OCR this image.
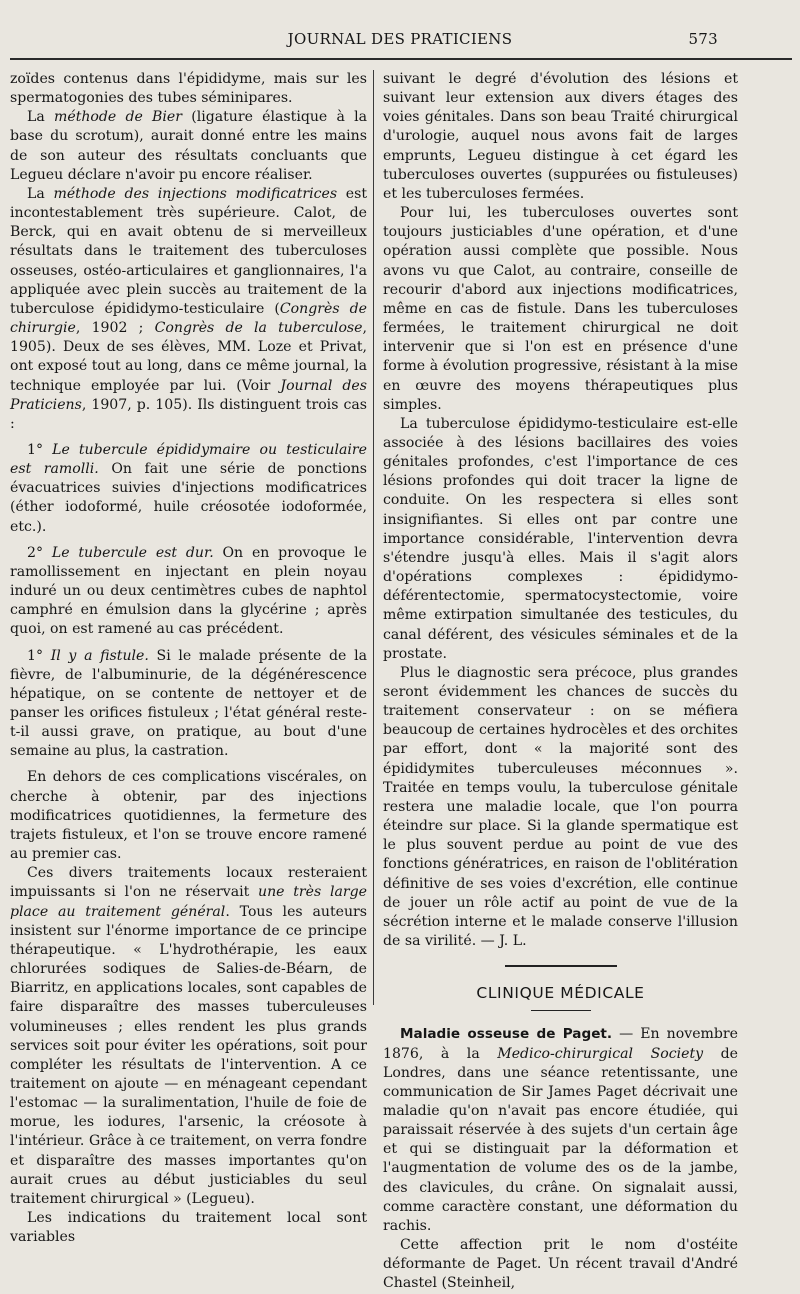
JOURNAL DES PRATICIENS	573

zoïdes contenus dans l'épididyme, mais sur les spermatogonies des tubes séminipares.

La méthode de Bier (ligature élastique à la base du scrotum), aurait donné entre les mains de son auteur des résultats concluants que Legueu déclare n'avoir pu encore réaliser.

La méthode des injections modificatrices est incontestablement très supérieure. Calot, de Berck, qui en avait obtenu de si merveilleux résultats dans le traitement des tuberculoses osseuses, ostéo-articulaires et ganglionnaires, l'a appliquée avec plein succès au traitement de la tuberculose épididymo-testiculaire (Congrès de chirurgie, 1902 ; Congrès de la tuberculose, 1905). Deux de ses élèves, MM. Loze et Privat, ont exposé tout au long, dans ce même journal, la technique employée par lui. (Voir Journal des Praticiens, 1907, p. 105). Ils distinguent trois cas :

1° Le tubercule épididymaire ou testiculaire est ramolli. On fait une série de ponctions évacuatrices suivies d'injections modificatrices (éther iodoformé, huile créosotée iodoformée, etc.).

2° Le tubercule est dur. On en provoque le ramollissement en injectant en plein noyau induré un ou deux centimètres cubes de naphtol camphré en émulsion dans la glycérine ; après quoi, on est ramené au cas précédent.

1° Il y a fistule. Si le malade présente de la fièvre, de l'albuminurie, de la dégénérescence hépatique, on se contente de nettoyer et de panser les orifices fistuleux ; l'état général reste-t-il aussi grave, on pratique, au bout d'une semaine au plus, la castration.

En dehors de ces complications viscérales, on cherche à obtenir, par des injections modificatrices quotidiennes, la fermeture des trajets fistuleux, et l'on se trouve encore ramené au premier cas.

Ces divers traitements locaux resteraient impuissants si l'on ne réservait une très large place au traitement général. Tous les auteurs insistent sur l'énorme importance de ce principe thérapeutique. « L'hydrothérapie, les eaux chlorurées sodiques de Salies-de-Béarn, de Biarritz, en applications locales, sont capables de faire disparaître des masses tuberculeuses volumineuses ; elles rendent les plus grands services soit pour éviter les opérations, soit pour compléter les résultats de l'intervention. A ce traitement on ajoute — en ménageant cependant l'estomac — la suralimentation, l'huile de foie de morue, les iodures, l'arsenic, la créosote à l'intérieur. Grâce à ce traitement, on verra fondre et disparaître des masses importantes qu'on aurait crues au début justiciables du seul traitement chirurgical » (Legueu).

Les indications du traitement local sont variables

suivant le degré d'évolution des lésions et suivant leur extension aux divers étages des voies génitales. Dans son beau Traité chirurgical d'urologie, auquel nous avons fait de larges emprunts, Legueu distingue à cet égard les tuberculoses ouvertes (suppurées ou fistuleuses) et les tuberculoses fermées.

Pour lui, les tuberculoses ouvertes sont toujours justiciables d'une opération, et d'une opération aussi complète que possible. Nous avons vu que Calot, au contraire, conseille de recourir d'abord aux injections modificatrices, même en cas de fistule. Dans les tuberculoses fermées, le traitement chirurgical ne doit intervenir que si l'on est en présence d'une forme à évolution progressive, résistant à la mise en œuvre des moyens thérapeutiques plus simples.

La tuberculose épididymo-testiculaire est-elle associée à des lésions bacillaires des voies génitales profondes, c'est l'importance de ces lésions profondes qui doit tracer la ligne de conduite. On les respectera si elles sont insignifiantes. Si elles ont par contre une importance considérable, l'intervention devra s'étendre jusqu'à elles. Mais il s'agit alors d'opérations complexes : épididymo-déférentectomie, spermatocystectomie, voire même extirpation simultanée des testicules, du canal déférent, des vésicules séminales et de la prostate.

Plus le diagnostic sera précoce, plus grandes seront évidemment les chances de succès du traitement conservateur : on se méfiera beaucoup de certaines hydrocèles et des orchites par effort, dont « la majorité sont des épididymites tuberculeuses méconnues ». Traitée en temps voulu, la tuberculose génitale restera une maladie locale, que l'on pourra éteindre sur place. Si la glande spermatique est le plus souvent perdue au point de vue des fonctions génératrices, en raison de l'oblitération définitive de ses voies d'excrétion, elle continue de jouer un rôle actif au point de vue de la sécrétion interne et le malade conserve l'illusion de sa virilité. — J. L.

CLINIQUE MÉDICALE

Maladie osseuse de Paget. — En novembre 1876, à la Medico-chirurgical Society de Londres, dans une séance retentissante, une communication de Sir James Paget décrivait une maladie qu'on n'avait pas encore étudiée, qui paraissait réservée à des sujets d'un certain âge et qui se distinguait par la déformation et l'augmentation de volume des os de la jambe, des clavicules, du crâne. On signalait aussi, comme caractère constant, une déformation du rachis.

Cette affection prit le nom d'ostéite déformante de Paget. Un récent travail d'André Chastel (Steinheil,
